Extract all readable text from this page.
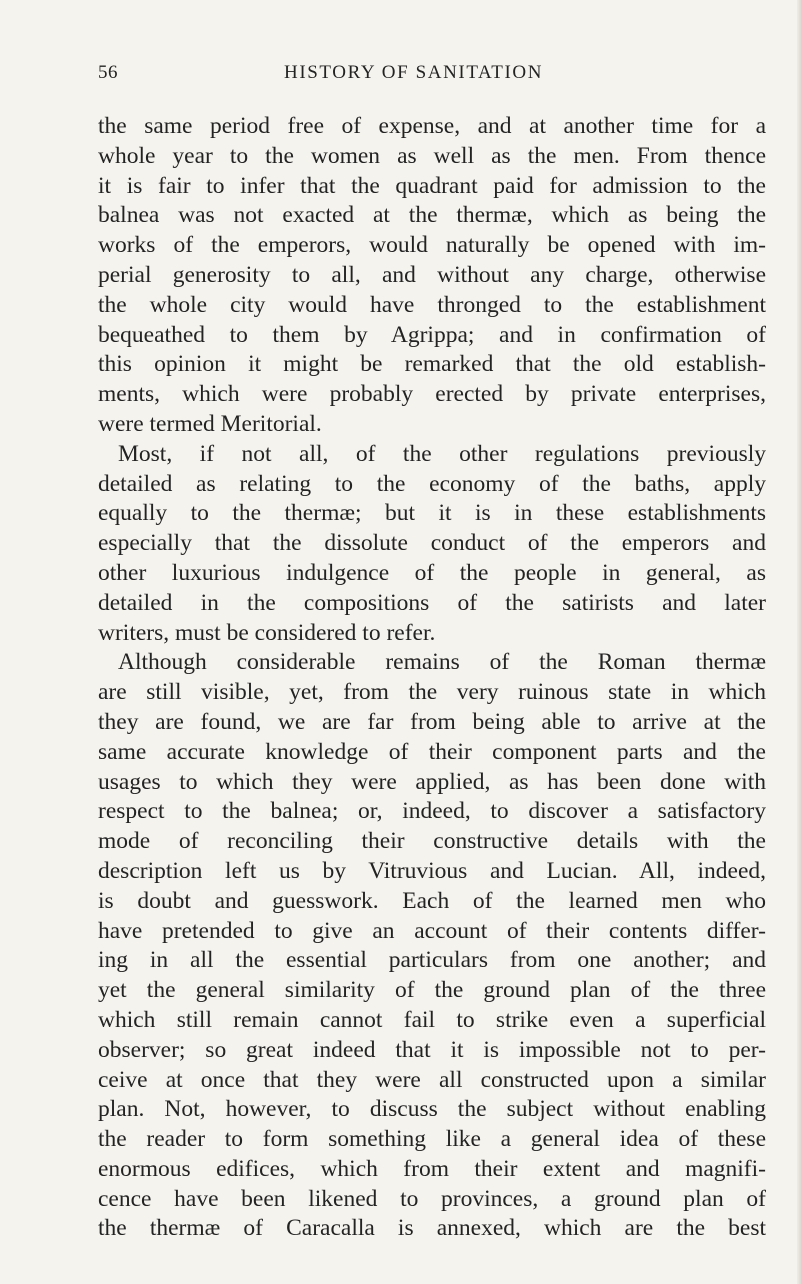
56	HISTORY OF SANITATION
the same period free of expense, and at another time for a
whole year to the women as well as the men. From thence
it is fair to infer that the quadrant paid for admission to the
balnea was not exacted at the thermæ, which as being the
works of the emperors, would naturally be opened with im-
perial generosity to all, and without any charge, otherwise
the whole city would have thronged to the establishment
bequeathed to them by Agrippa; and in confirmation of
this opinion it might be remarked that the old establish-
ments, which were probably erected by private enterprises,
were termed Meritorial.
Most, if not all, of the other regulations previously
detailed as relating to the economy of the baths, apply
equally to the thermæ; but it is in these establishments
especially that the dissolute conduct of the emperors and
other luxurious indulgence of the people in general, as
detailed in the compositions of the satirists and later
writers, must be considered to refer.
Although considerable remains of the Roman thermæ
are still visible, yet, from the very ruinous state in which
they are found, we are far from being able to arrive at the
same accurate knowledge of their component parts and the
usages to which they were applied, as has been done with
respect to the balnea; or, indeed, to discover a satisfactory
mode of reconciling their constructive details with the
description left us by Vitruvious and Lucian. All, indeed,
is doubt and guesswork. Each of the learned men who
have pretended to give an account of their contents differ-
ing in all the essential particulars from one another; and
yet the general similarity of the ground plan of the three
which still remain cannot fail to strike even a superficial
observer; so great indeed that it is impossible not to per-
ceive at once that they were all constructed upon a similar
plan. Not, however, to discuss the subject without enabling
the reader to form something like a general idea of these
enormous edifices, which from their extent and magnifi-
cence have been likened to provinces, a ground plan of
the thermæ of Caracalla is annexed, which are the best
